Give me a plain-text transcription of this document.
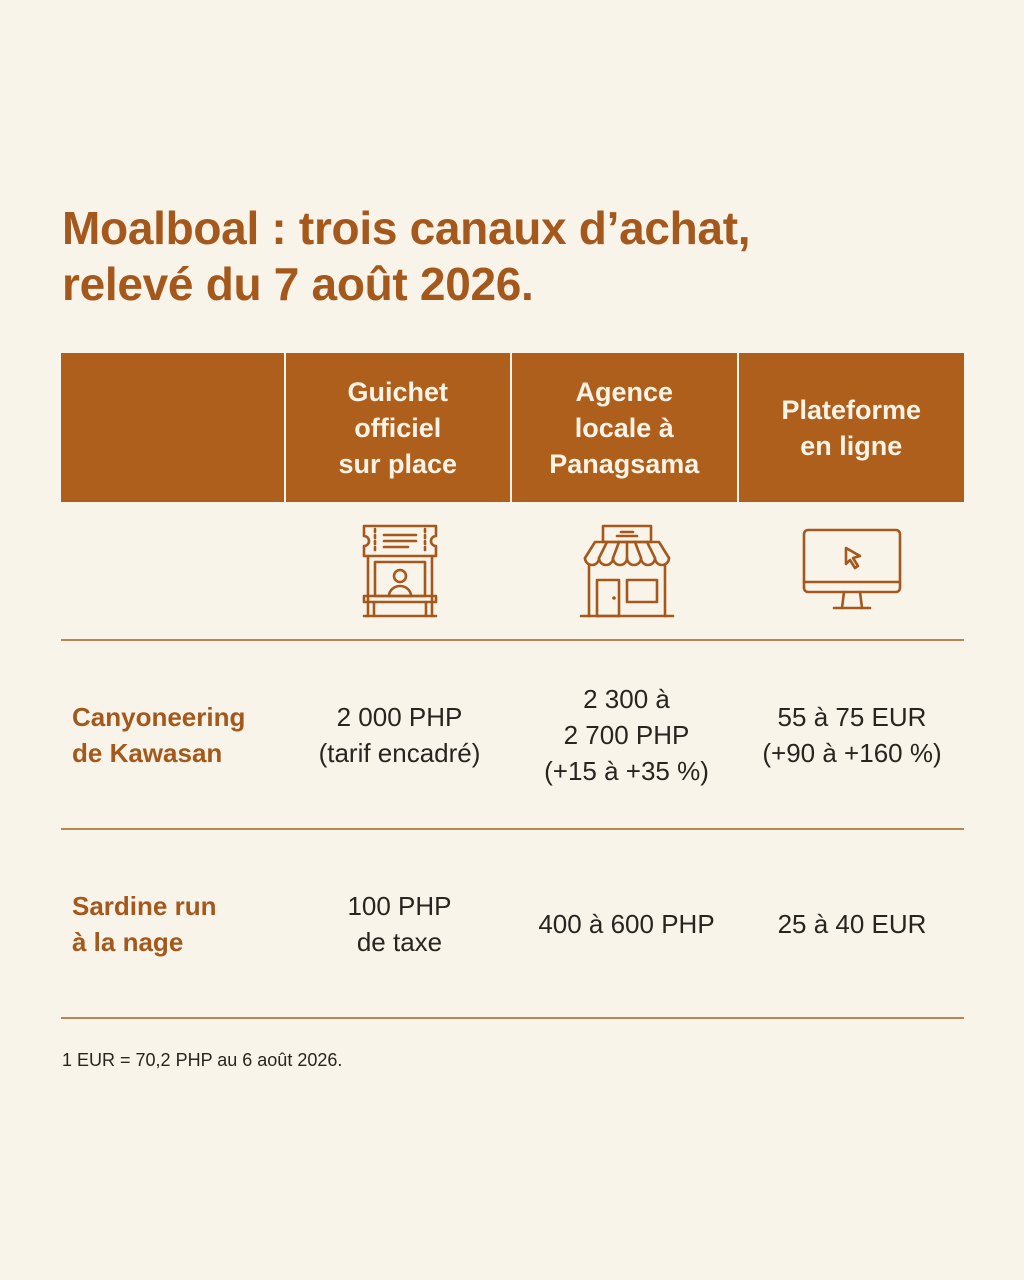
Moalboal : trois canaux d’achat,
relevé du 7 août 2026.
Guichet
officiel
sur place
Agence
locale à
Panagsama
Plateforme
en ligne
Canyoneering
de Kawasan
2 000 PHP
(tarif encadré)
2 300 à
2 700 PHP
(+15 à +35 %)
55 à 75 EUR
(+90 à +160 %)
Sardine run
à la nage
100 PHP
de taxe
400 à 600 PHP	25 à 40 EUR
1 EUR = 70,2 PHP au 6 août 2026.
